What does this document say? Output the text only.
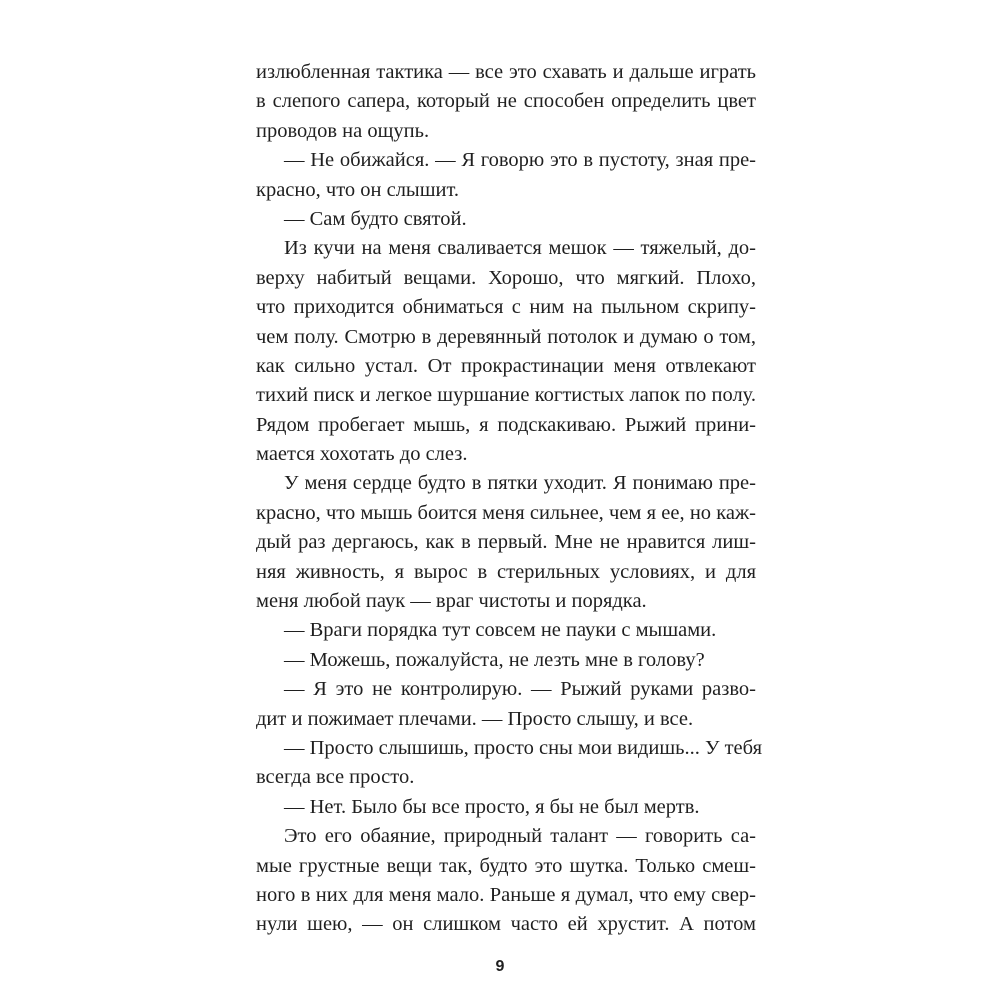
излюбленная тактика — все это схавать и дальше играть
в слепого сапера, который не способен определить цвет
проводов на ощупь.
— Не обижайся. — Я говорю это в пустоту, зная пре-
красно, что он слышит.
— Сам будто святой.
Из кучи на меня сваливается мешок — тяжелый, до-
верху набитый вещами. Хорошо, что мягкий. Плохо,
что приходится обниматься с ним на пыльном скрипу-
чем полу. Смотрю в деревянный потолок и думаю о том,
как сильно устал. От прокрастинации меня отвлекают
тихий писк и легкое шуршание когтистых лапок по полу.
Рядом пробегает мышь, я подскакиваю. Рыжий прини-
мается хохотать до слез.
У меня сердце будто в пятки уходит. Я понимаю пре-
красно, что мышь боится меня сильнее, чем я ее, но каж-
дый раз дергаюсь, как в первый. Мне не нравится лиш-
няя живность, я вырос в стерильных условиях, и для
меня любой паук — враг чистоты и порядка.
— Враги порядка тут совсем не пауки с мышами.
— Можешь, пожалуйста, не лезть мне в голову?
— Я это не контролирую. — Рыжий руками разво-
дит и пожимает плечами. — Просто слышу, и все.
— Просто слышишь, просто сны мои видишь... У тебя
всегда все просто.
— Нет. Было бы все просто, я бы не был мертв.
Это его обаяние, природный талант — говорить са-
мые грустные вещи так, будто это шутка. Только смеш-
ного в них для меня мало. Раньше я думал, что ему свер-
нули шею, — он слишком часто ей хрустит. А потом
9
